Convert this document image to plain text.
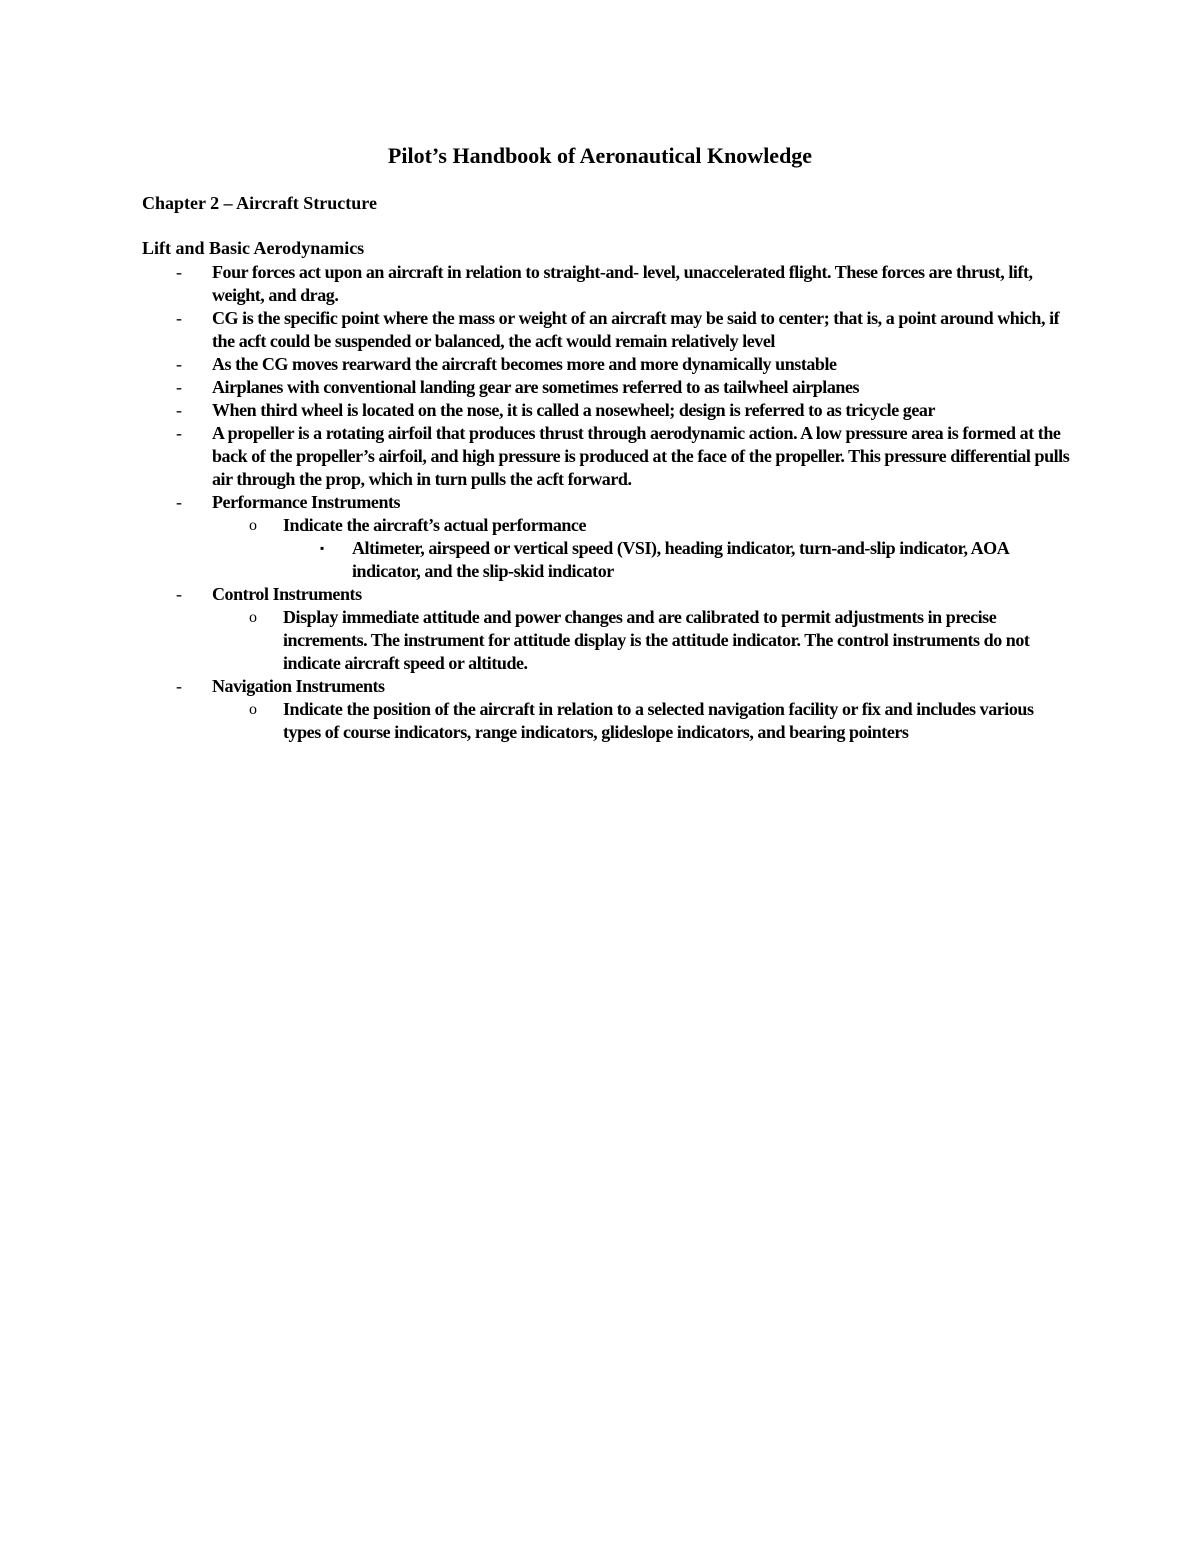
Pilot’s Handbook of Aeronautical Knowledge
Chapter 2 – Aircraft Structure
Lift and Basic Aerodynamics
- Four forces act upon an aircraft in relation to straight-and- level, unaccelerated flight. These forces are thrust, lift, weight, and drag.
- CG is the specific point where the mass or weight of an aircraft may be said to center; that is, a point around which, if the acft could be suspended or balanced, the acft would remain relatively level
- As the CG moves rearward the aircraft becomes more and more dynamically unstable
- Airplanes with conventional landing gear are sometimes referred to as tailwheel airplanes
- When third wheel is located on the nose, it is called a nosewheel; design is referred to as tricycle gear
- A propeller is a rotating airfoil that produces thrust through aerodynamic action. A low pressure area is formed at the back of the propeller’s airfoil, and high pressure is produced at the face of the propeller. This pressure differential pulls air through the prop, which in turn pulls the acft forward.
- Performance Instruments
o Indicate the aircraft’s actual performance
▪ Altimeter, airspeed or vertical speed (VSI), heading indicator, turn-and-slip indicator, AOA indicator, and the slip-skid indicator
- Control Instruments
o Display immediate attitude and power changes and are calibrated to permit adjustments in precise increments. The instrument for attitude display is the attitude indicator. The control instruments do not indicate aircraft speed or altitude.
- Navigation Instruments
o Indicate the position of the aircraft in relation to a selected navigation facility or fix and includes various types of course indicators, range indicators, glideslope indicators, and bearing pointers
